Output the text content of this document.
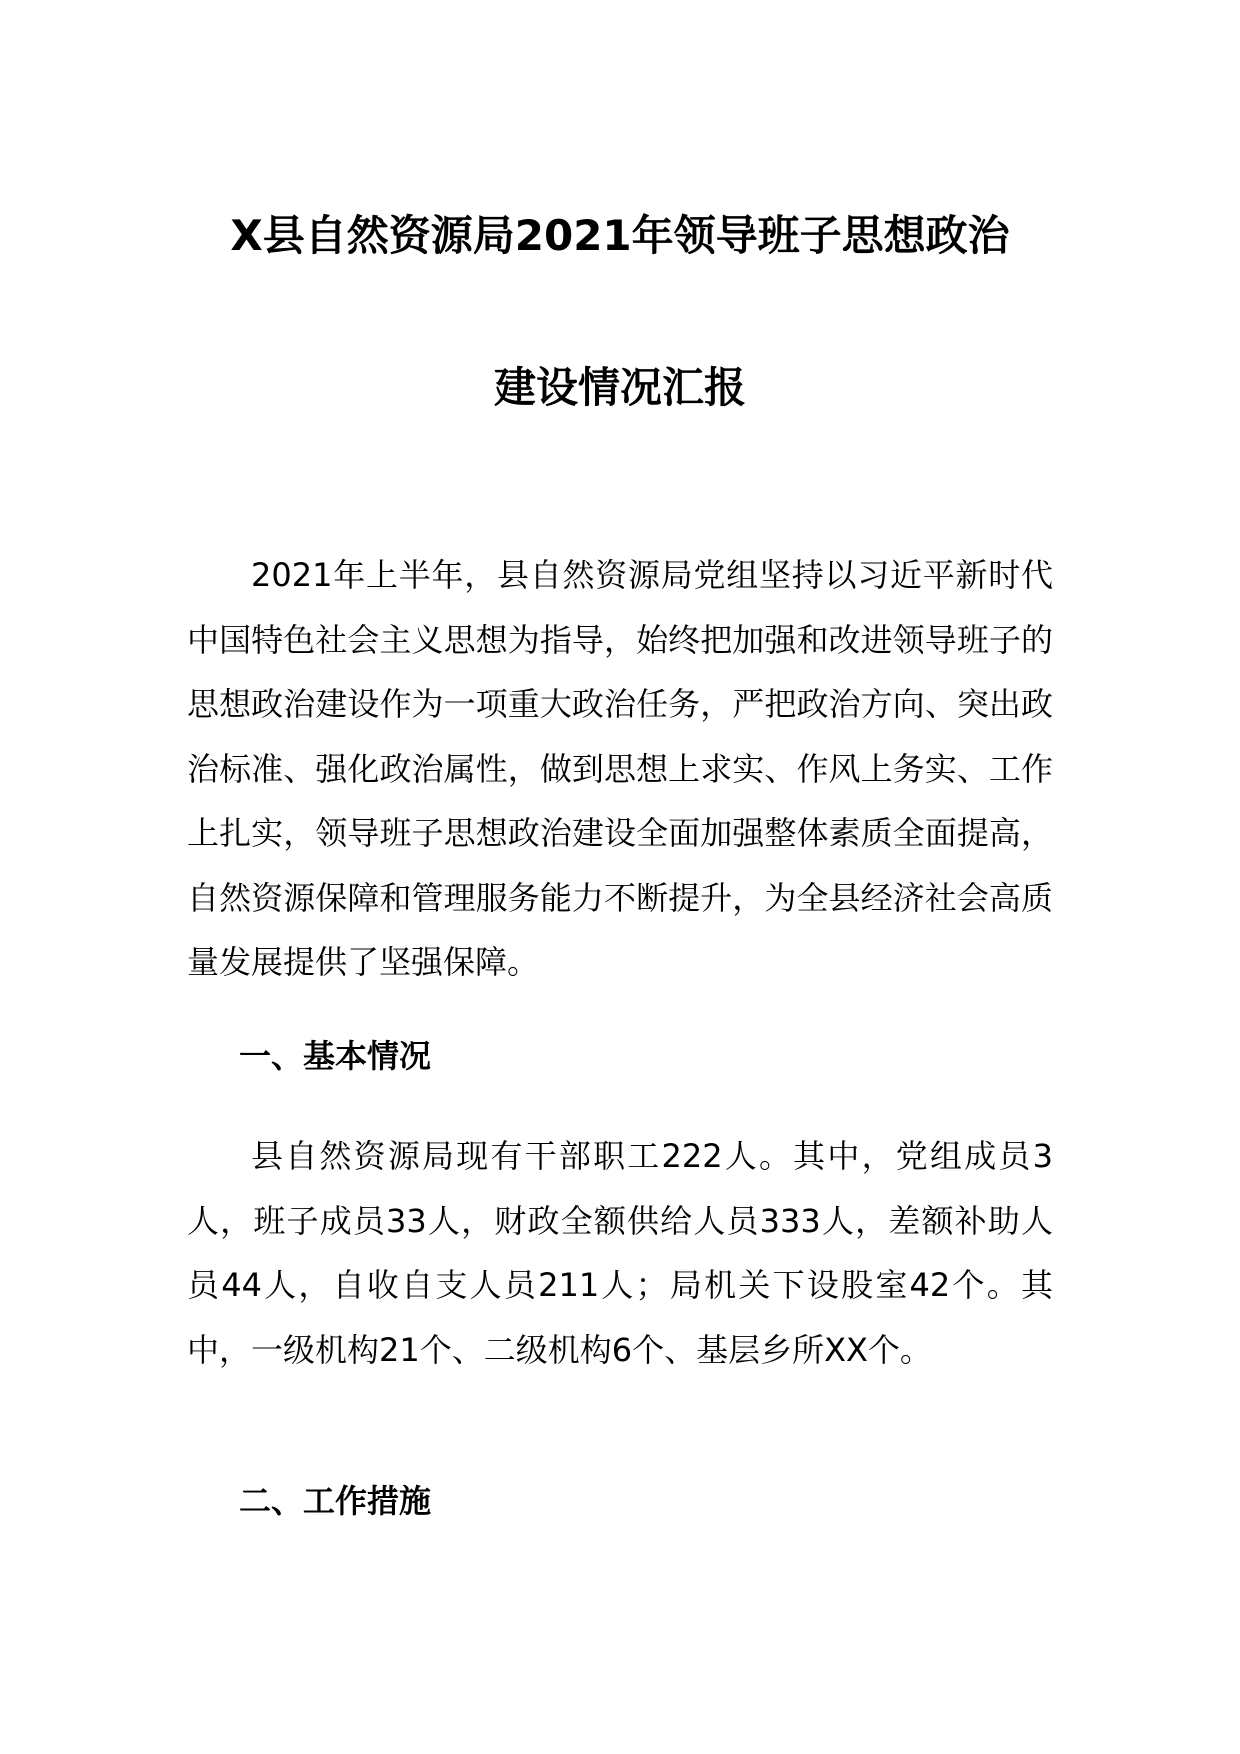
X县自然资源局2021年领导班子思想政治
建设情况汇报

2021年上半年，县自然资源局党组坚持以习近平新时代中国特色社会主义思想为指导，始终把加强和改进领导班子的思想政治建设作为一项重大政治任务，严把政治方向、突出政治标准、强化政治属性，做到思想上求实、作风上务实、工作上扎实，领导班子思想政治建设全面加强整体素质全面提高，自然资源保障和管理服务能力不断提升，为全县经济社会高质量发展提供了坚强保障。

一、基本情况

县自然资源局现有干部职工222人。其中，党组成员3人，班子成员33人，财政全额供给人员333人，差额补助人员44人，自收自支人员211人；局机关下设股室42个。其中，一级机构21个、二级机构6个、基层乡所XX个。

二、工作措施
